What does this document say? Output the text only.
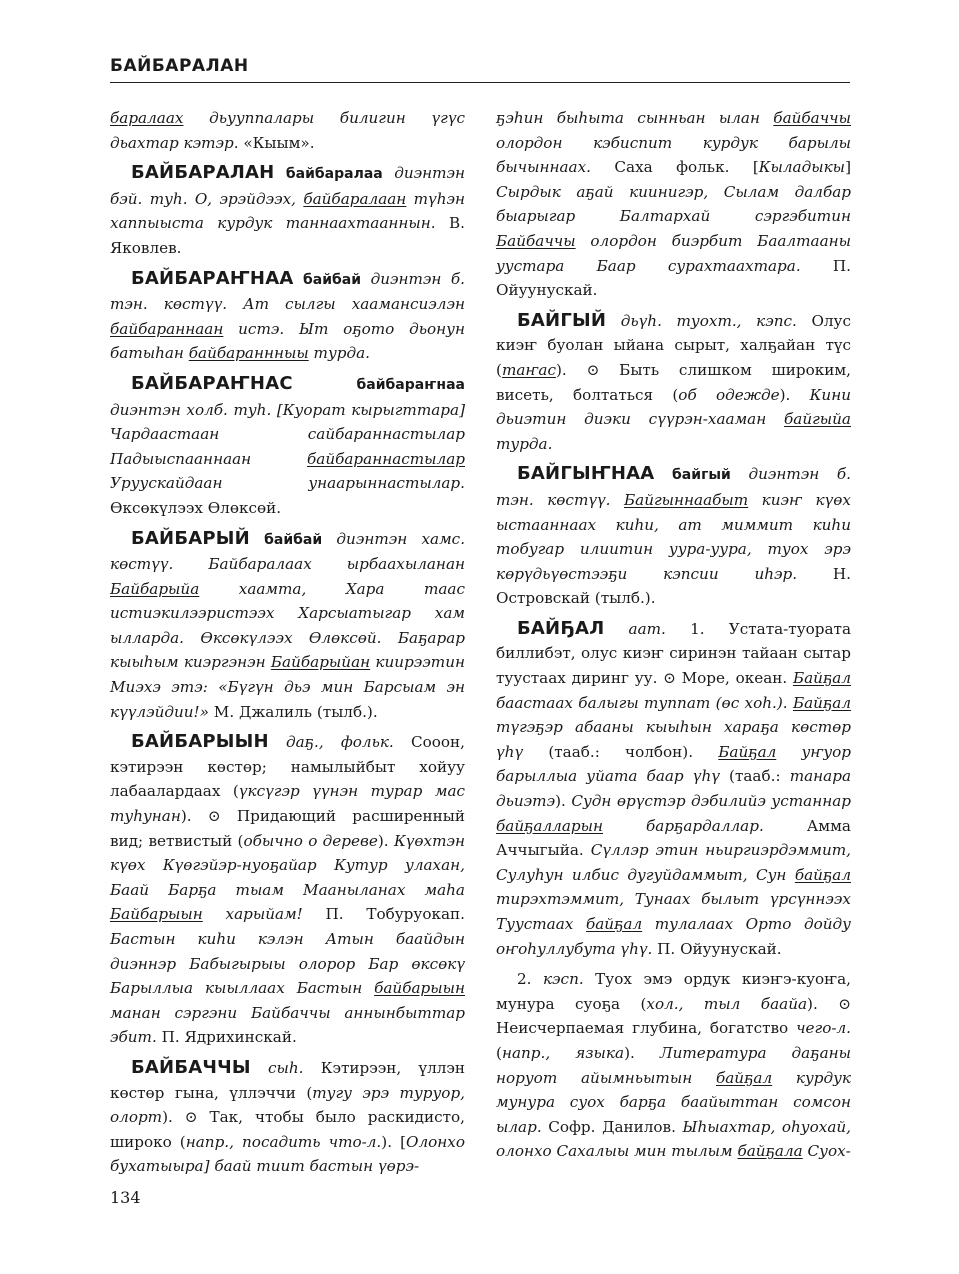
БАЙБАРАЛАН

баралаах дьууппалары билигин үгүс дьахтар кэтэр. «Кыым».

БАЙБАРАЛАН байбаралаа диэнтэн бэй. туһ. О, эрэйдээх, байбаралаан түһэн хаппыыста курдук таннаахтааннын. В. Яковлев.

БАЙБАРАҤНАА байбай диэнтэн б. тэн. көстүү. Ат сылгы хаамансиэлэн байбараннаан истэ. Ыт оҕото дьонун батыһан байбараннныы турда.

БАЙБАРАҤНАС	байбараҥнаа диэнтэн холб. туһ. [Куорат кырыгттара] Чардаастаан сайбараннастылар Падыыспааннаан байбараннастылар Уруускайдаан унаарыннастылар. Өксөкүлээх Өлөксөй.

БАЙБАРЫЙ байбай диэнтэн хамс. көстүү. Байбаралаах ырбаахыланан Байбарыйа хаамта, Хара таас истиэкилээристээх Харсыатыгар хам ыллaрда. Өксөкүлээх Өлөксөй. Баҕарар кыыһым киэргэнэн Байбарыйан киирээтин Миэхэ этэ: «Бүгүн дьэ мин Барсыам эн күүлэйдии!» М. Джалиль (тылб.).

БАЙБАРЫЫН даҕ., фольк. Сооон, кэтирээн көстөр; намылыйбыт хойуу лабаалардаах (үксүгэр үүнэн турар мас туһунан). ⊙ Придающий расширенный вид; ветвистый (обычно о дереве). Күөхтэн күөх Күөгэйэр-нуоҕайар Кутур улахан, Баай Барҕа тыам Мааныланах маһа Байбарыын харыйам! П. Тобуруокап. Бастын киһи кэлэн Атын баайдын диэннэр Бабыгырыы олорор Бар өксөкү Барыллыа кыыллаах Бастын байбарыын манан сэргэни Байбаччы аннынбыттар эбит. П. Ядрихинскай.

БАЙБАЧЧЫ сыһ. Кэтирээн, үллэн көстөр гына, үллэччи (тугу эрэ туруор, олорт). ⊙ Так, чтобы было раскидисто, широко (напр., посадить что-л.). [Олонхо бухатыыра] баай тиит бастын үөрэ-

ҕэһин быһыта сынньан ылан байбаччы олордон кэбиспит курдук барылы бычыннаах. Саха фольк. [Кыладыкы] Сырдык аҕай киинигэр, Сылам далбар быарыгар Балтархай сэргэбитин Байбаччы олордон биэрбит Баалтааны уустара Баар сурахтаахтара. П. Ойуунускай.

БАЙГЫЙ дьүһ. туохт., кэпс. Олус киэҥ буолан ыйана сырыт, халҕайан түс (таҥас). ⊙ Быть слишком широким, висеть, болтаться (об одежде). Кини дьиэтин диэки сүүрэн-хааман байгыйа турда.

БАЙГЫҤНАА байгый диэнтэн б. тэн. көстүү. Байгыннаабыт киэҥ күөх ыстааннаах киһи, ат миммит киһи тобугар илиитин уура-уура, туох эрэ көрүдьүөстээҕи кэпсии иһэр. Н. Островскай (тылб.).

БАЙҔАЛ аат. 1. Устата-туората биллибэт, олус киэҥ сиринэн тайаан сытар туустаах диринг уу. ⊙ Море, океан. Байҕал баастаах балыгы туппат (өс хоһ.). Байҕал түгэҕэр абааны кыыһын хараҕа көстөр үһү (тааб.: чолбон). Байҕал уҥуор барыллыа уйата баар үһү (тааб.: танара дьиэтэ). Судн өрүстэр дэбилийэ устаннар байҕалларын барҕардаллар. Амма Аччыгыйа. Сүллэр этин ньиргиэрдэммит, Сулуһун илбис дугуйдаммыт, Сун байҕал тирэхтэммит, Тунаах былыт үрсүннээх Туустаах байҕал тулалаах Орто дойду оҥоһуллубута үһү. П. Ойуунускай.

2. кэсп. Туох эмэ ордук киэҥэ-куоҥа, мунура суоҕа (хол., тыл баайа). ⊙ Неисчерпаемая глубина, богатство чего-л. (напр., языка). Литература даҕаны норуот айымньытын байҕал курдук мунура суох барҕа баайыттан сомсон ылар. Софр. Данилов. Ыһыахтар, оһуохай, олонхо Сахалыы мин тылым байҕала Суох-

134
